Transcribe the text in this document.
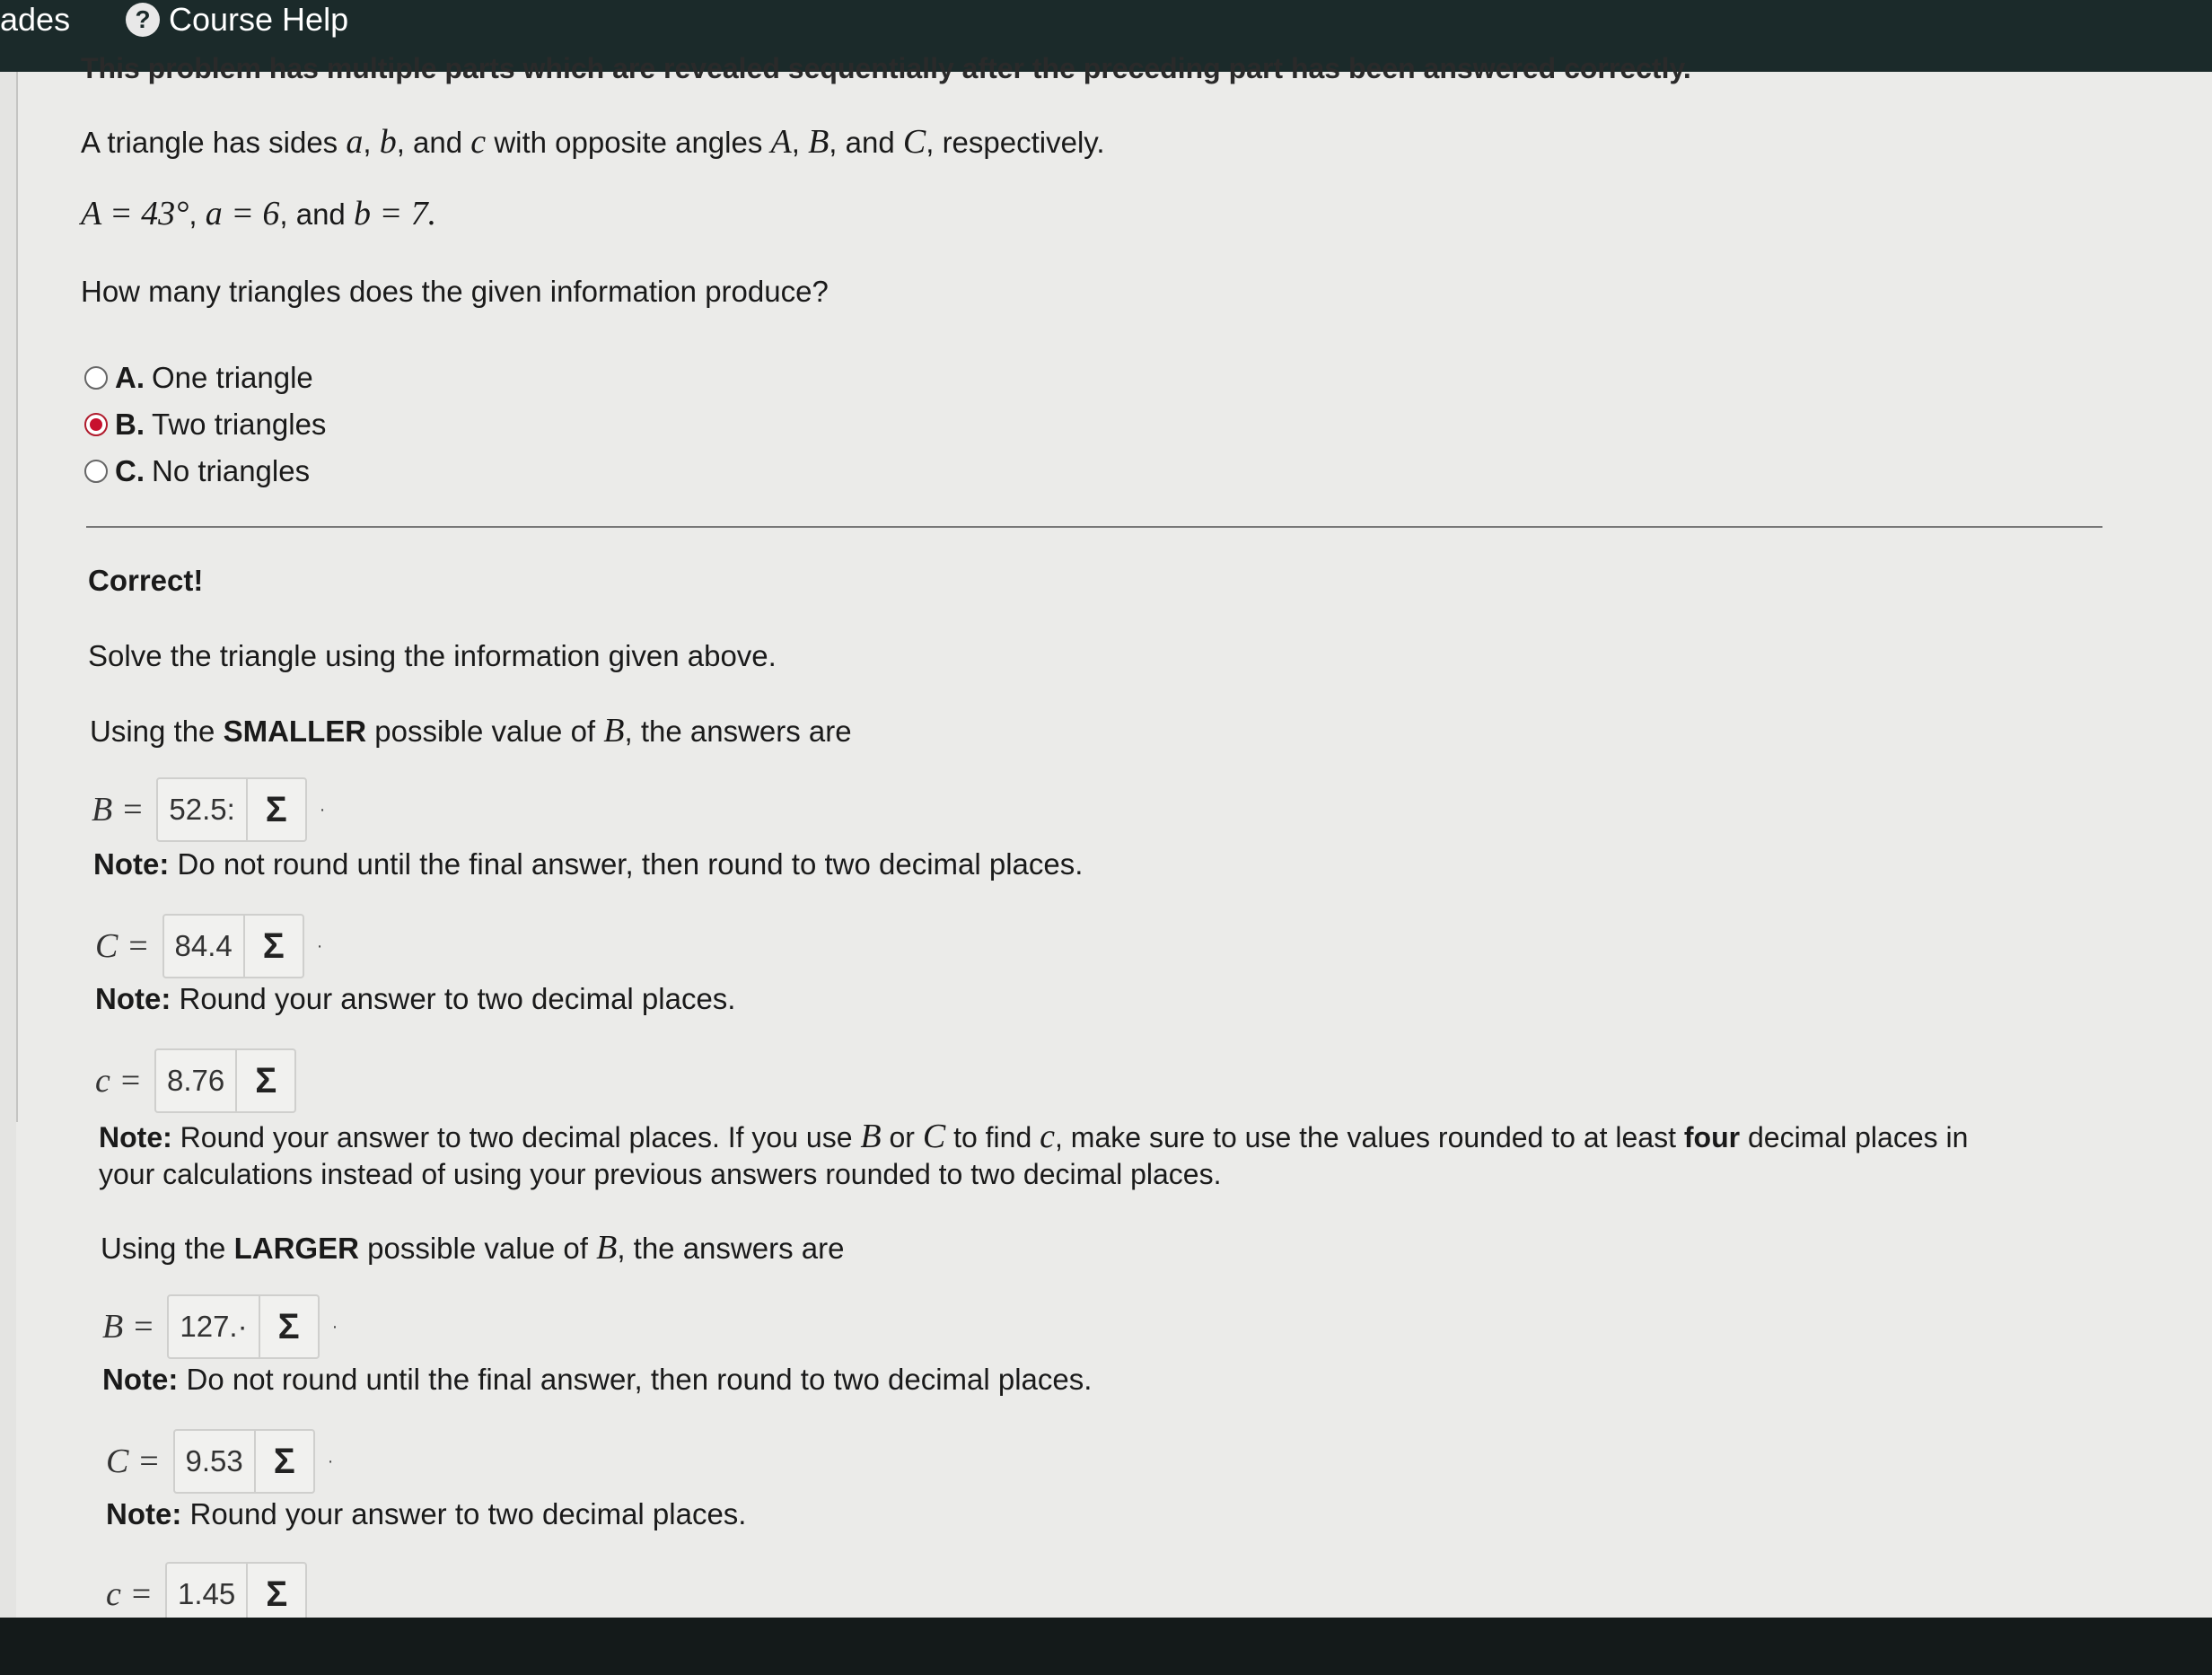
ades	? Course Help
This problem has multiple parts which are revealed sequentially after the preceding part has been answered correctly.
A triangle has sides a, b, and c with opposite angles A, B, and C, respectively.
A = 43°, a = 6, and b = 7.
How many triangles does the given information produce?
A. One triangle
B. Two triangles
C. No triangles
Correct!
Solve the triangle using the information given above.
Using the SMALLER possible value of B, the answers are
B = 52.5: Σ	·
Note: Do not round until the final answer, then round to two decimal places.
C = 84.4 Σ	·
Note: Round your answer to two decimal places.
c = 8.76 Σ
Note: Round your answer to two decimal places. If you use B or C to find c, make sure to use the values rounded to at least four decimal places in
your calculations instead of using your previous answers rounded to two decimal places.
Using the LARGER possible value of B, the answers are
B = 127.· Σ	·
Note: Do not round until the final answer, then round to two decimal places.
C = 9.53 Σ	·
Note: Round your answer to two decimal places.
c = 1.45 Σ
